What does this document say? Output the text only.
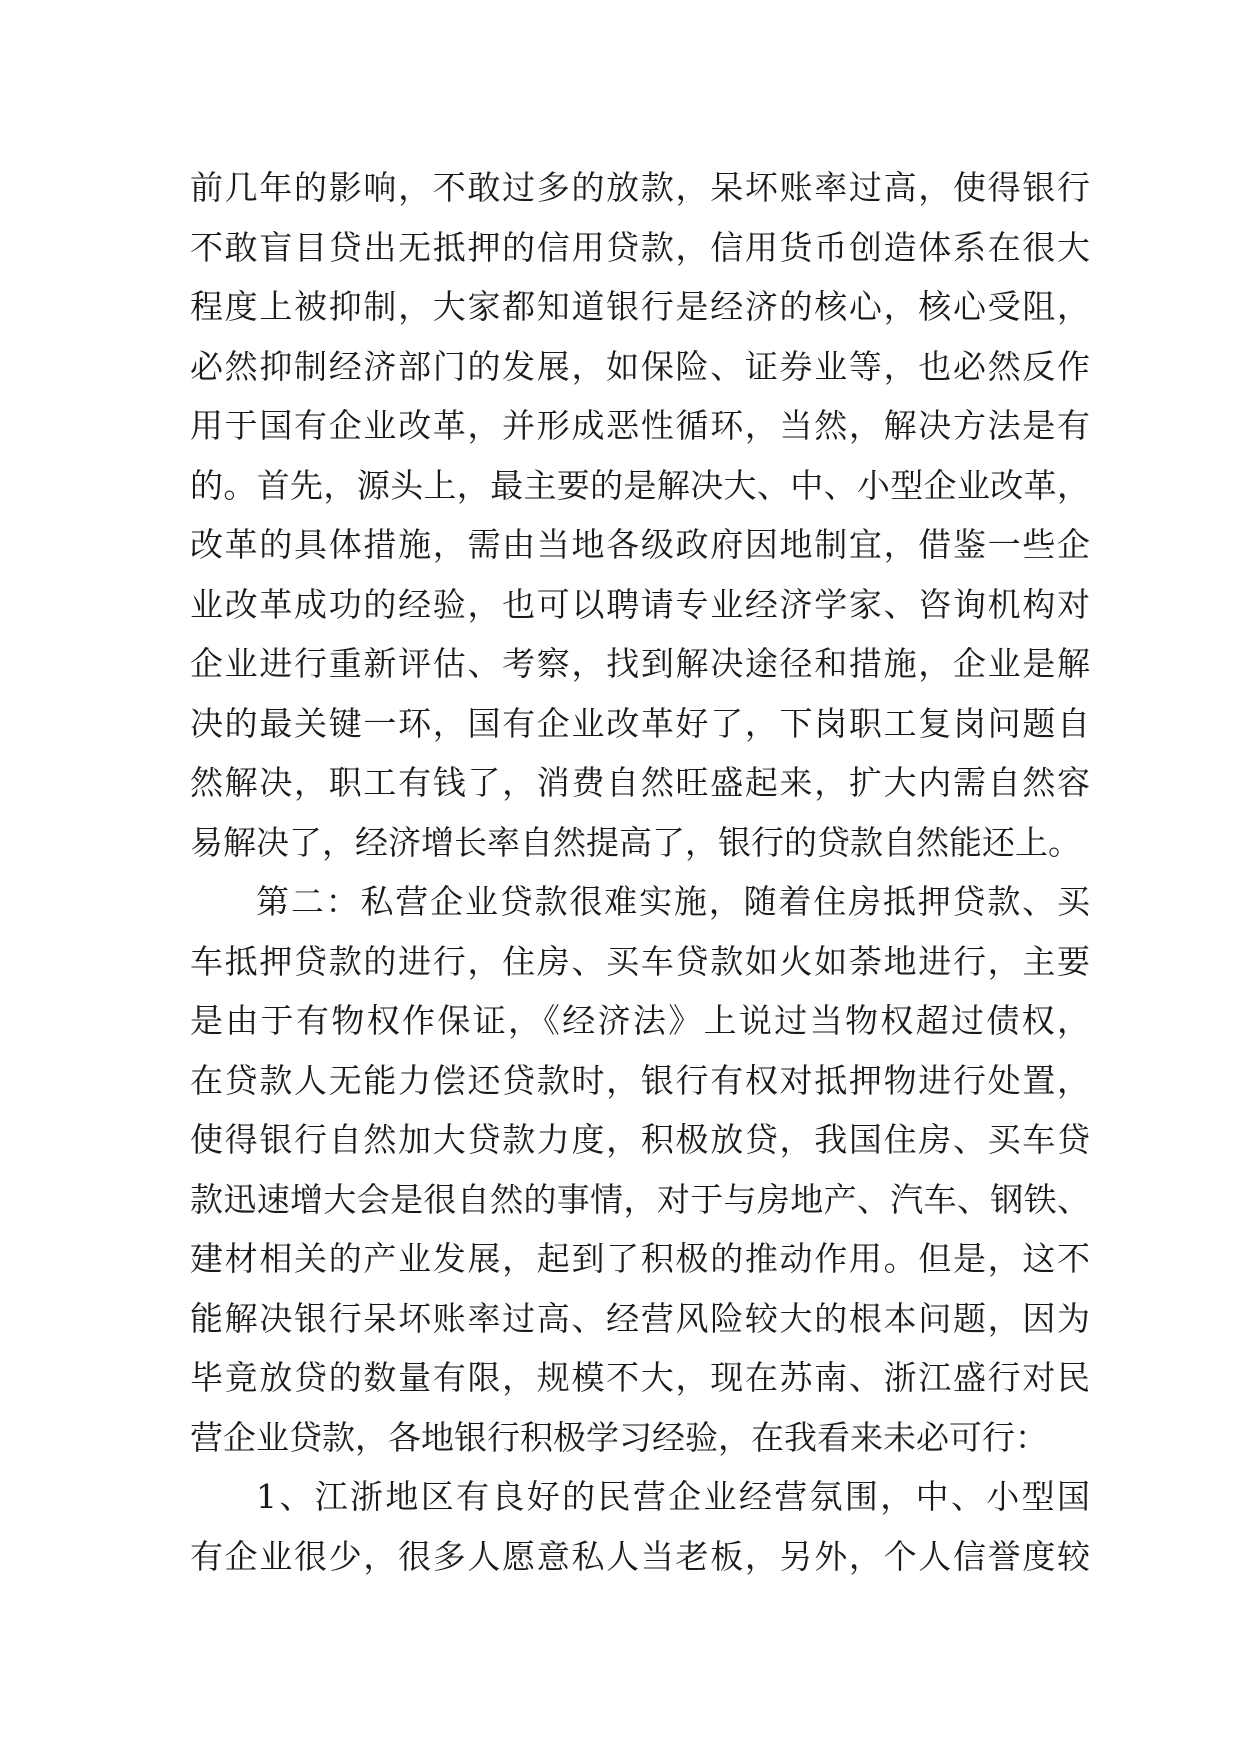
前几年的影响，不敢过多的放款，呆坏账率过高，使得银行
不敢盲目贷出无抵押的信用贷款，信用货币创造体系在很大
程度上被抑制，大家都知道银行是经济的核心，核心受阻，
必然抑制经济部门的发展，如保险、证券业等，也必然反作
用于国有企业改革，并形成恶性循环，当然，解决方法是有
的。首先，源头上，最主要的是解决大、中、小型企业改革，
改革的具体措施，需由当地各级政府因地制宜，借鉴一些企
业改革成功的经验，也可以聘请专业经济学家、咨询机构对
企业进行重新评估、考察，找到解决途径和措施，企业是解
决的最关键一环，国有企业改革好了，下岗职工复岗问题自
然解决，职工有钱了，消费自然旺盛起来，扩大内需自然容
易解决了，经济增长率自然提高了，银行的贷款自然能还上。
第二：私营企业贷款很难实施，随着住房抵押贷款、买
车抵押贷款的进行，住房、买车贷款如火如荼地进行，主要
是由于有物权作保证，《经济法》上说过当物权超过债权，
在贷款人无能力偿还贷款时，银行有权对抵押物进行处置，
使得银行自然加大贷款力度，积极放贷，我国住房、买车贷
款迅速增大会是很自然的事情，对于与房地产、汽车、钢铁、
建材相关的产业发展，起到了积极的推动作用。但是，这不
能解决银行呆坏账率过高、经营风险较大的根本问题，因为
毕竟放贷的数量有限，规模不大，现在苏南、浙江盛行对民
营企业贷款，各地银行积极学习经验，在我看来未必可行：
1、江浙地区有良好的民营企业经营氛围，中、小型国
有企业很少，很多人愿意私人当老板，另外，个人信誉度较
